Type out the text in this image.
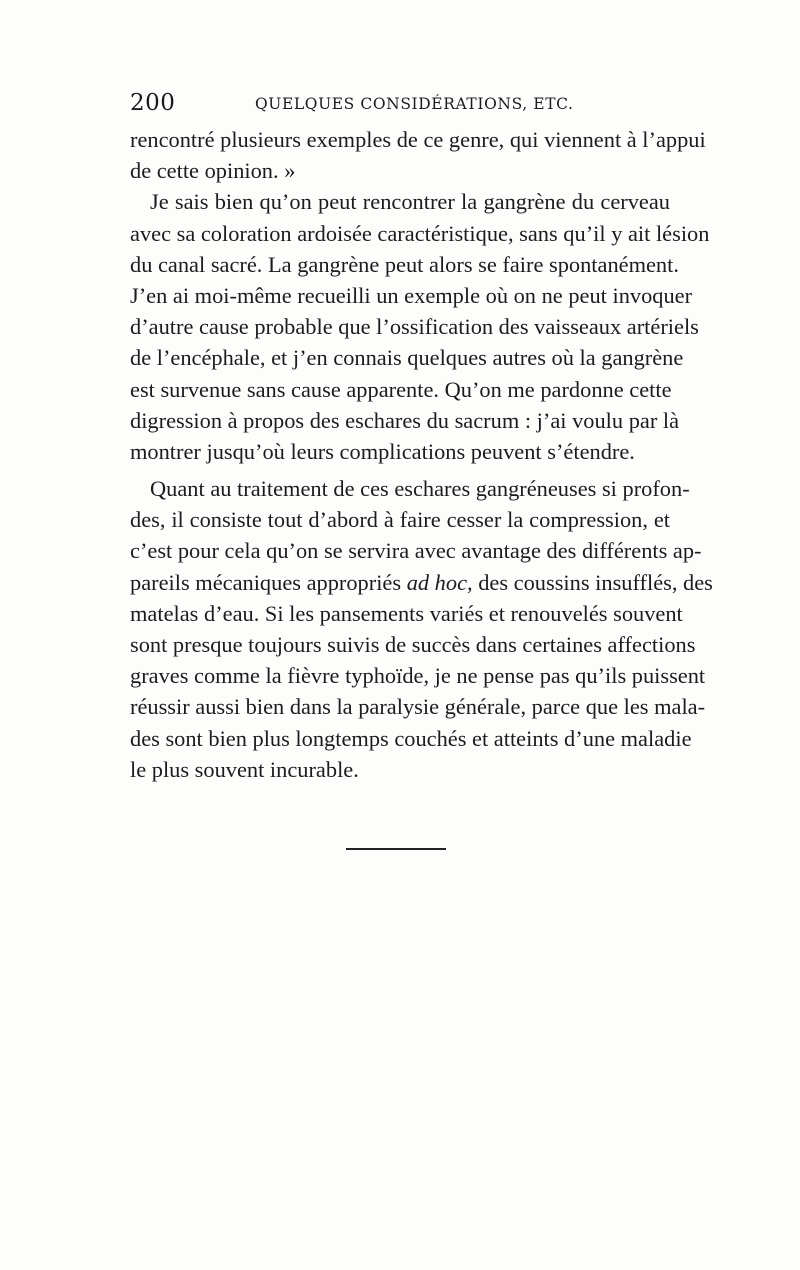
200	QUELQUES CONSIDÉRATIONS, ETC.
rencontré plusieurs exemples de ce genre, qui viennent à l’appui
de cette opinion. »
Je sais bien qu’on peut rencontrer la gangrène du cerveau
avec sa coloration ardoisée caractéristique, sans qu’il y ait lésion
du canal sacré. La gangrène peut alors se faire spontanément.
J’en ai moi-même recueilli un exemple où on ne peut invoquer
d’autre cause probable que l’ossification des vaisseaux artériels
de l’encéphale, et j’en connais quelques autres où la gangrène
est survenue sans cause apparente. Qu’on me pardonne cette
digression à propos des eschares du sacrum : j’ai voulu par là
montrer jusqu’où leurs complications peuvent s’étendre.
Quant au traitement de ces eschares gangréneuses si profon-
des, il consiste tout d’abord à faire cesser la compression, et
c’est pour cela qu’on se servira avec avantage des différents ap-
pareils mécaniques appropriés ad hoc, des coussins insufflés, des
matelas d’eau. Si les pansements variés et renouvelés souvent
sont presque toujours suivis de succès dans certaines affections
graves comme la fièvre typhoïde, je ne pense pas qu’ils puissent
réussir aussi bien dans la paralysie générale, parce que les mala-
des sont bien plus longtemps couchés et atteints d’une maladie
le plus souvent incurable.
